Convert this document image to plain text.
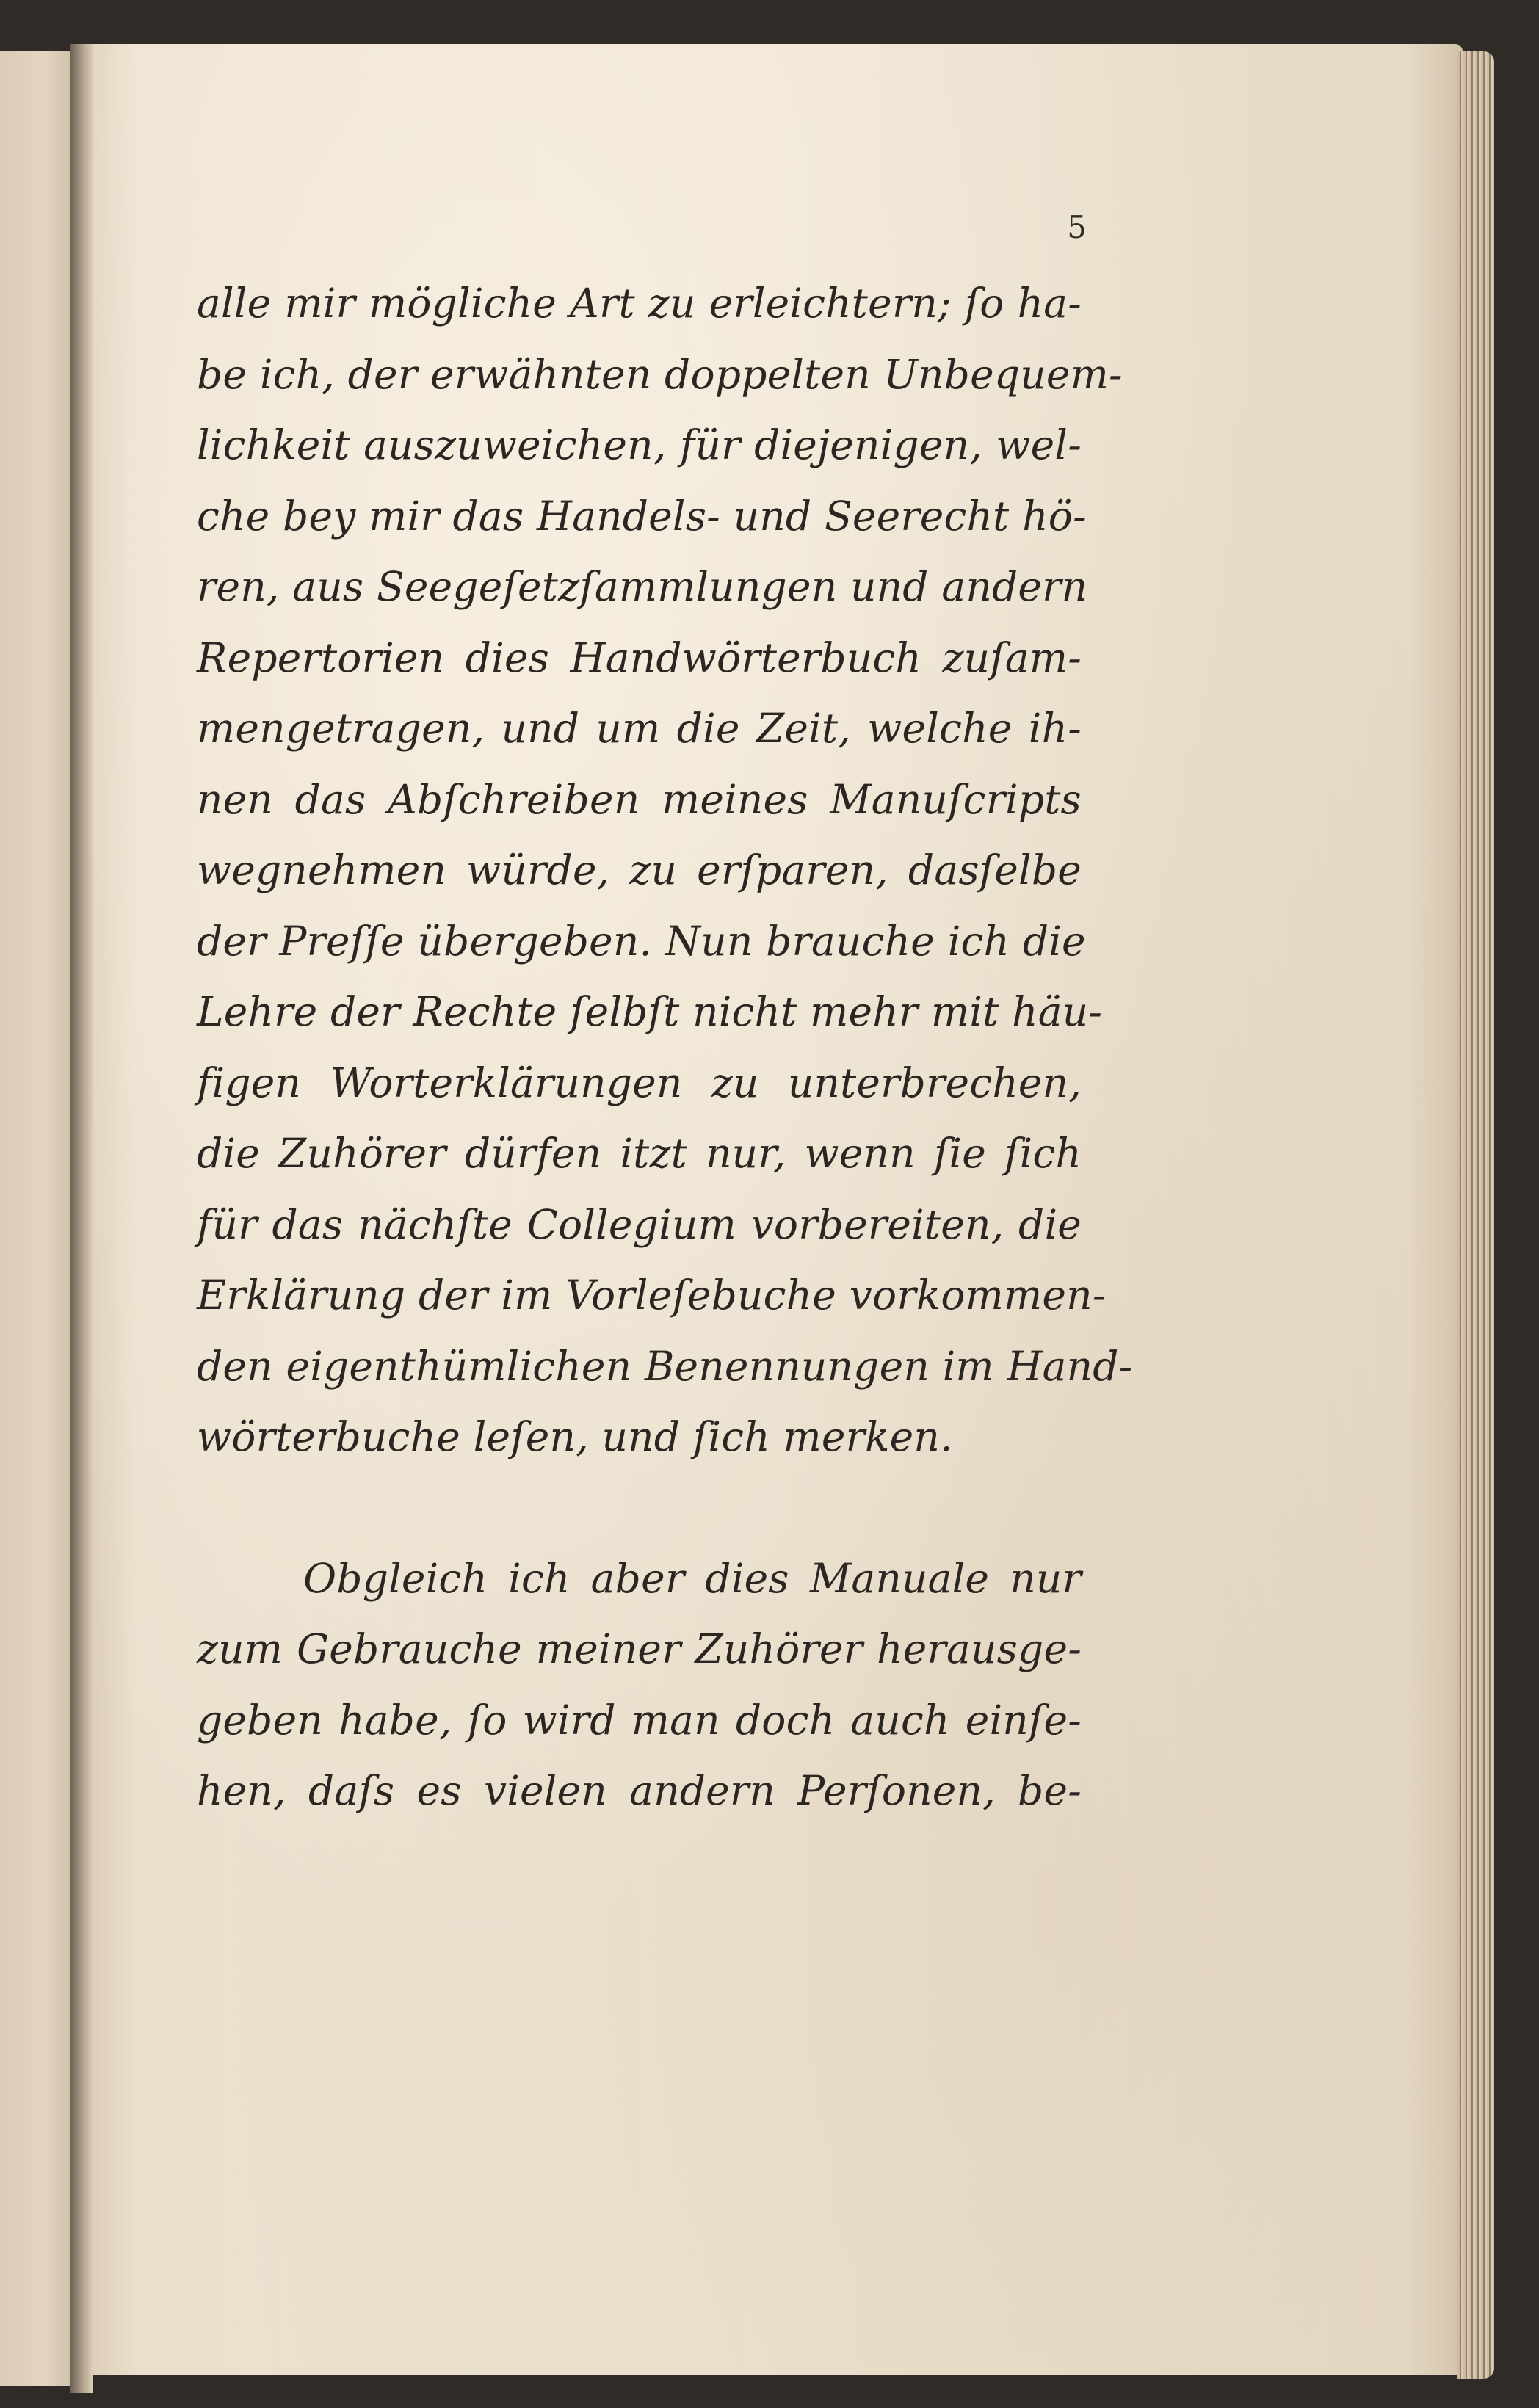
5
alle mir mögliche Art zu erleichtern; ſo ha-
be ich, der erwähnten doppelten Unbequem-
lichkeit auszuweichen, für diejenigen, wel-
che bey mir das Handels- und Seerecht hö-
ren, aus Seegeſetzſammlungen und andern
Repertorien dies Handwörterbuch zuſam-
mengetragen, und um die Zeit, welche ih-
nen das Abſchreiben meines Manuſcripts
wegnehmen würde, zu erſparen, dasſelbe
der Preſſe übergeben. Nun brauche ich die
Lehre der Rechte ſelbſt nicht mehr mit häu-
figen Worterklärungen zu unterbrechen,
die Zuhörer dürfen itzt nur, wenn ſie ſich
für das nächſte Collegium vorbereiten, die
Erklärung der im Vorleſebuche vorkommen-
den eigenthümlichen Benennungen im Hand-
wörterbuche leſen, und ſich merken.
Obgleich ich aber dies Manuale nur
zum Gebrauche meiner Zuhörer herausge-
geben habe, ſo wird man doch auch einſe-
hen, daſs es vielen andern Perſonen, be-
